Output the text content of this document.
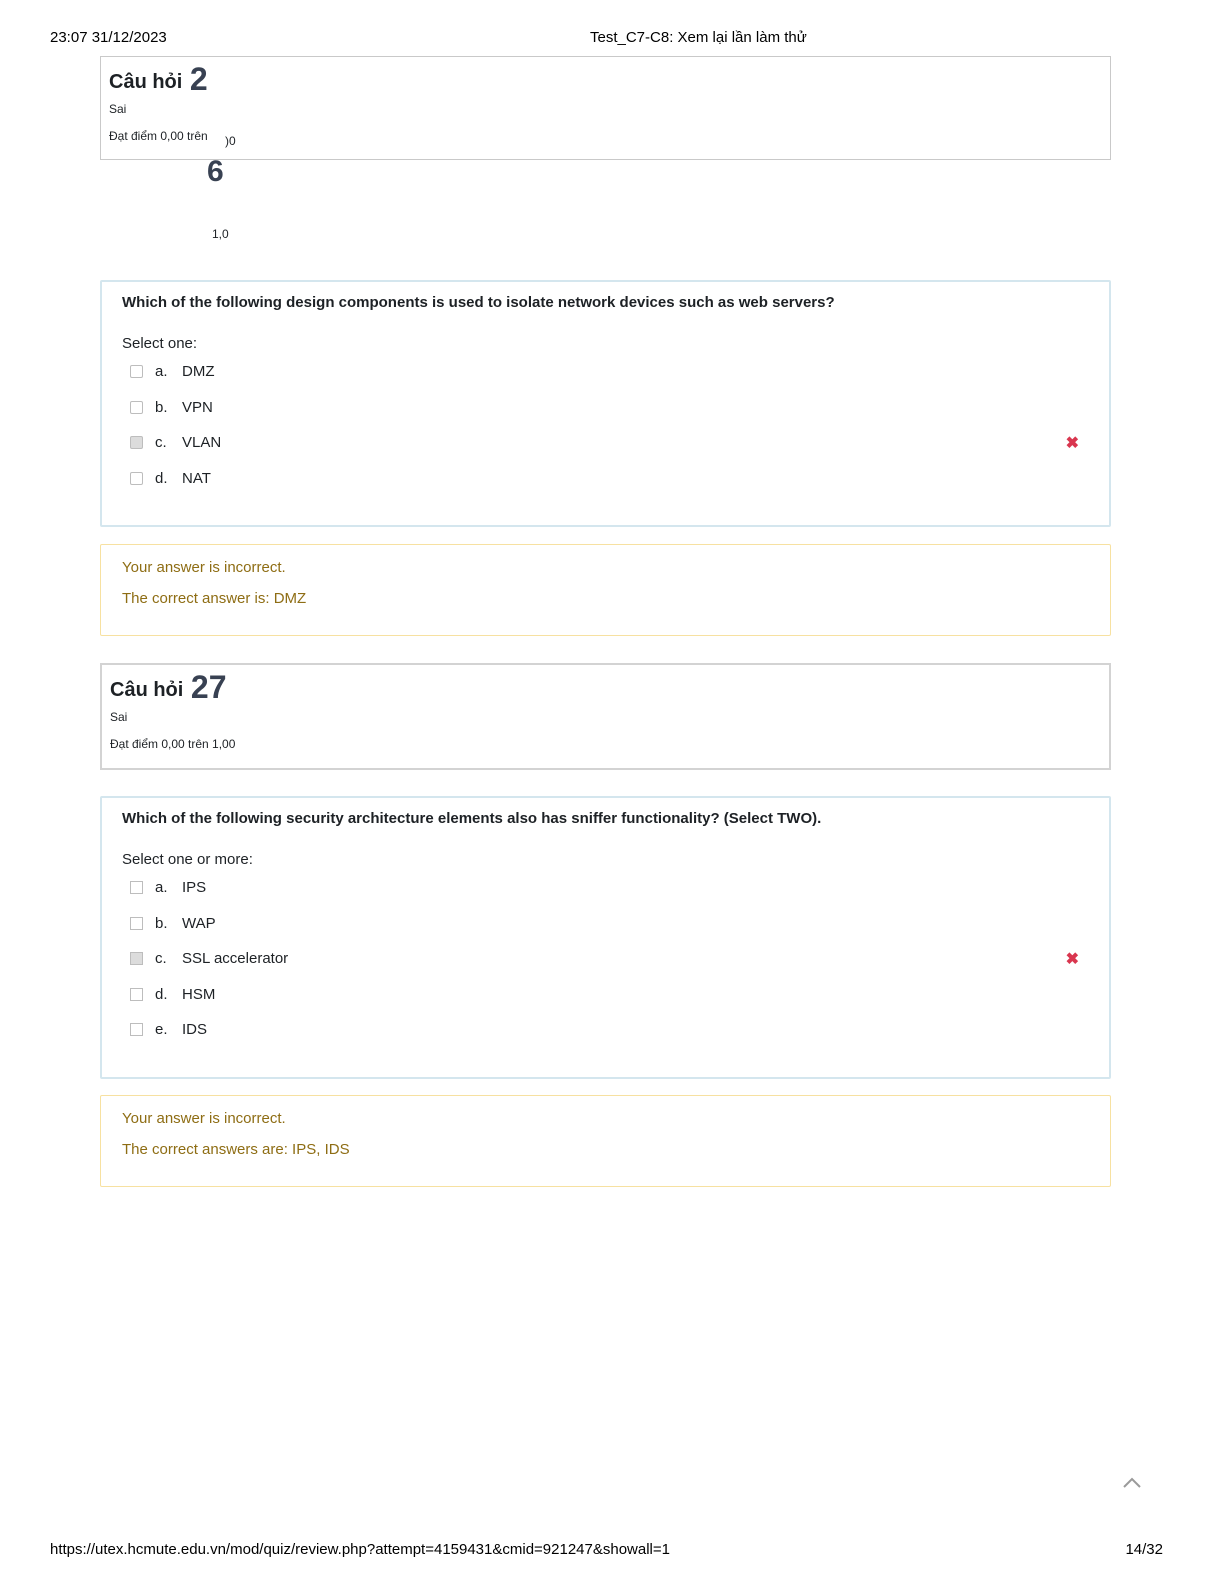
23:07 31/12/2023	Test_C7-C8: Xem lại lần làm thử
Câu hỏi 2
Sai
Đạt điểm 0,00 trên	)0
6
1,0
Which of the following design components is used to isolate network devices such as web servers?
Select one:
a. DMZ
b. VPN
c.	VLAN	✖
d. NAT
Your answer is incorrect.
The correct answer is: DMZ
Câu hỏi 27
Sai
Đạt điểm 0,00 trên 1,00
Which of the following security architecture elements also has sniffer functionality? (Select TWO).
Select one or more:
a. IPS
b. WAP
c.	SSL accelerator	✖
d. HSM
e. IDS
Your answer is incorrect.
The correct answers are: IPS, IDS
https://utex.hcmute.edu.vn/mod/quiz/review.php?attempt=4159431&cmid=921247&showall=1	14/32
